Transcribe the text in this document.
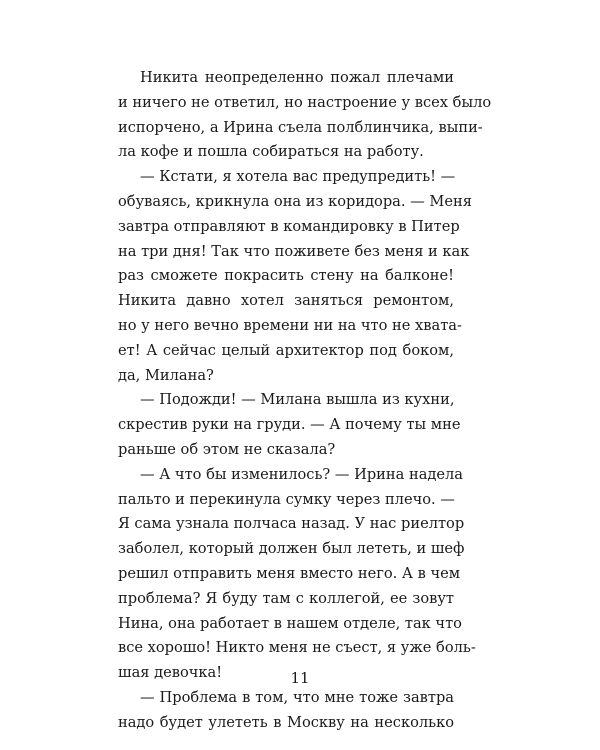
Никита неопределенно пожал плечами
и ничего не ответил, но настроение у всех было
испорчено, а Ирина съела полблинчика, выпи-
ла кофе и пошла собираться на работу.
— Кстати, я хотела вас предупредить! —
обуваясь, крикнула она из коридора. — Меня
завтра отправляют в командировку в Питер
на три дня! Так что поживете без меня и как
раз сможете покрасить стену на балконе!
Никита давно хотел заняться ремонтом,
но у него вечно времени ни на что не хвата-
ет! А сейчас целый архитектор под боком,
да, Милана?
— Подожди! — Милана вышла из кухни,
скрестив руки на груди. — А почему ты мне
раньше об этом не сказала?
— А что бы изменилось? — Ирина надела
пальто и перекинула сумку через плечо. —
Я сама узнала полчаса назад. У нас риелтор
заболел, который должен был лететь, и шеф
решил отправить меня вместо него. А в чем
проблема? Я буду там с коллегой, ее зовут
Нина, она работает в нашем отделе, так что
все хорошо! Никто меня не съест, я уже боль-
шая девочка!
— Проблема в том, что мне тоже завтра
надо будет улететь в Москву на несколько
11
